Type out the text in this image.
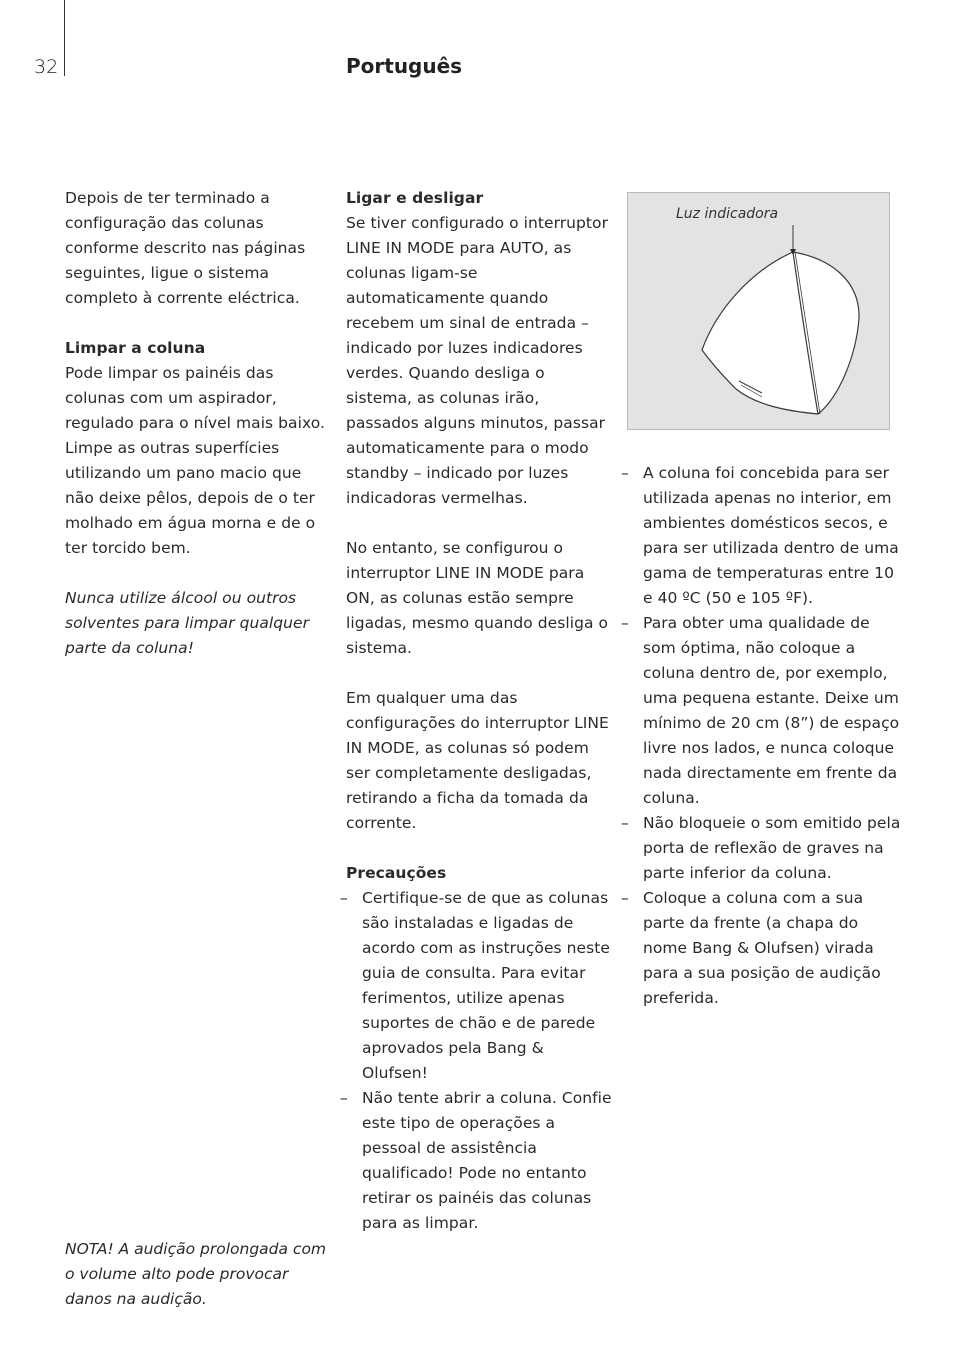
32	Português

Depois de ter terminado a configuração das colunas conforme descrito nas páginas seguintes, ligue o sistema completo à corrente eléctrica.

Limpar a coluna

Pode limpar os painéis das colunas com um aspirador, regulado para o nível mais baixo. Limpe as outras superfícies utilizando um pano macio que não deixe pêlos, depois de o ter molhado em água morna e de o ter torcido bem.

Nunca utilize álcool ou outros solventes para limpar qualquer parte da coluna!

Ligar e desligar

Se tiver configurado o interruptor LINE IN MODE para AUTO, as colunas ligam-se automaticamente quando recebem um sinal de entrada – indicado por luzes indicadores verdes. Quando desliga o sistema, as colunas irão, passados alguns minutos, passar automaticamente para o modo standby – indicado por luzes indicadoras vermelhas.

No entanto, se configurou o interruptor LINE IN MODE para ON, as colunas estão sempre ligadas, mesmo quando desliga o sistema.

Em qualquer uma das configurações do interruptor LINE IN MODE, as colunas só podem ser completamente desligadas, retirando a ficha da tomada da corrente.

Precauções

– Certifique-se de que as colunas são instaladas e ligadas de acordo com as instruções neste guia de consulta. Para evitar ferimentos, utilize apenas suportes de chão e de parede aprovados pela Bang & Olufsen!
– Não tente abrir a coluna. Confie este tipo de operações a pessoal de assistência qualificado! Pode no entanto retirar os painéis das colunas para as limpar.
Luz indicadora
– A coluna foi concebida para ser utilizada apenas no interior, em ambientes domésticos secos, e para ser utilizada dentro de uma gama de temperaturas entre 10 e 40 ºC (50 e 105 ºF).
– Para obter uma qualidade de som óptima, não coloque a coluna dentro de, por exemplo, uma pequena estante. Deixe um mínimo de 20 cm (8”) de espaço livre nos lados, e nunca coloque nada directamente em frente da coluna.
– Não bloqueie o som emitido pela porta de reflexão de graves na parte inferior da coluna.
– Coloque a coluna com a sua parte da frente (a chapa do nome Bang & Olufsen) virada para a sua posição de audição preferida.

NOTA! A audição prolongada com o volume alto pode provocar danos na audição.
